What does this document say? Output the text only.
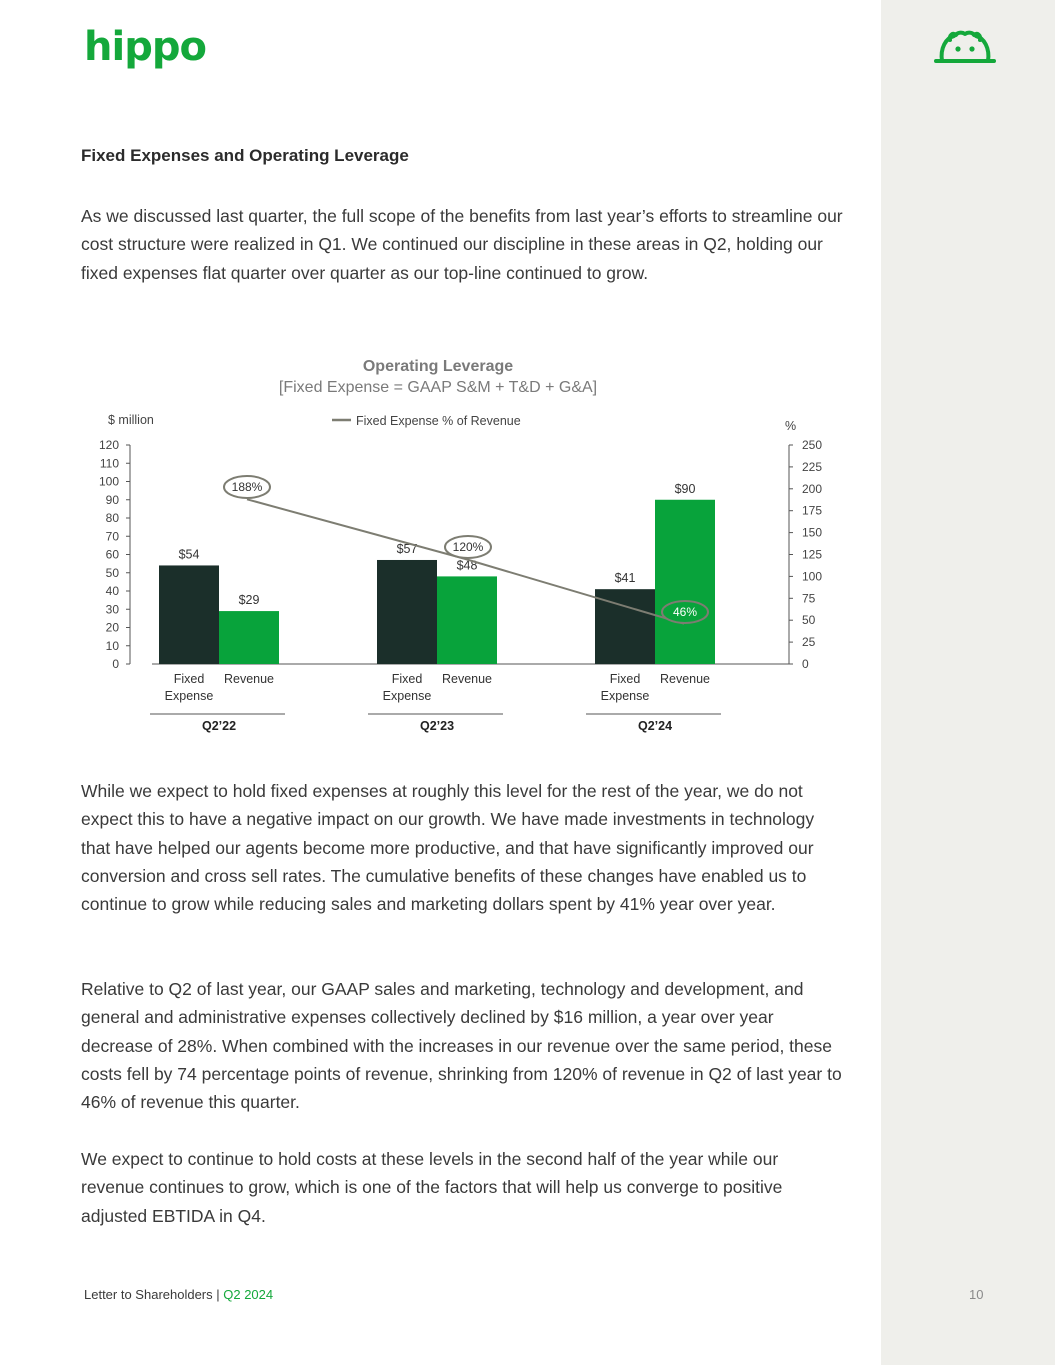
hippo
Fixed Expenses and Operating Leverage
As we discussed last quarter, the full scope of the benefits from last year’s efforts to streamline our cost structure were realized in Q1. We continued our discipline in these areas in Q2, holding our fixed expenses flat quarter over quarter as our top-line continued to grow.
Operating Leverage
[Fixed Expense = GAAP S&M + T&D + G&A]
$ million	%
Fixed Expense % of Revenue
0
10
20
30
40
50
60
70
80
90
100
110
120
0
25
50
75
100
125
150
175
200
225
250
$54
$29
$57
$48
$41
$90
188%
120%
46%
Fixed
Expense
Revenue
Q2’22
Fixed
Expense
Revenue
Q2’23
Fixed
Expense
Revenue
Q2’24
While we expect to hold fixed expenses at roughly this level for the rest of the year, we do not expect this to have a negative impact on our growth. We have made investments in technology that have helped our agents become more productive, and that have significantly improved our conversion and cross sell rates. The cumulative benefits of these changes have enabled us to continue to grow while reducing sales and marketing dollars spent by 41% year over year.
Relative to Q2 of last year, our GAAP sales and marketing, technology and development, and general and administrative expenses collectively declined by $16 million, a year over year decrease of 28%. When combined with the increases in our revenue over the same period, these costs fell by 74 percentage points of revenue, shrinking from 120% of revenue in Q2 of last year to 46% of revenue this quarter.
We expect to continue to hold costs at these levels in the second half of the year while our revenue continues to grow, which is one of the factors that will help us converge to positive adjusted EBTIDA in Q4.
Letter to Shareholders | Q2 2024	10
